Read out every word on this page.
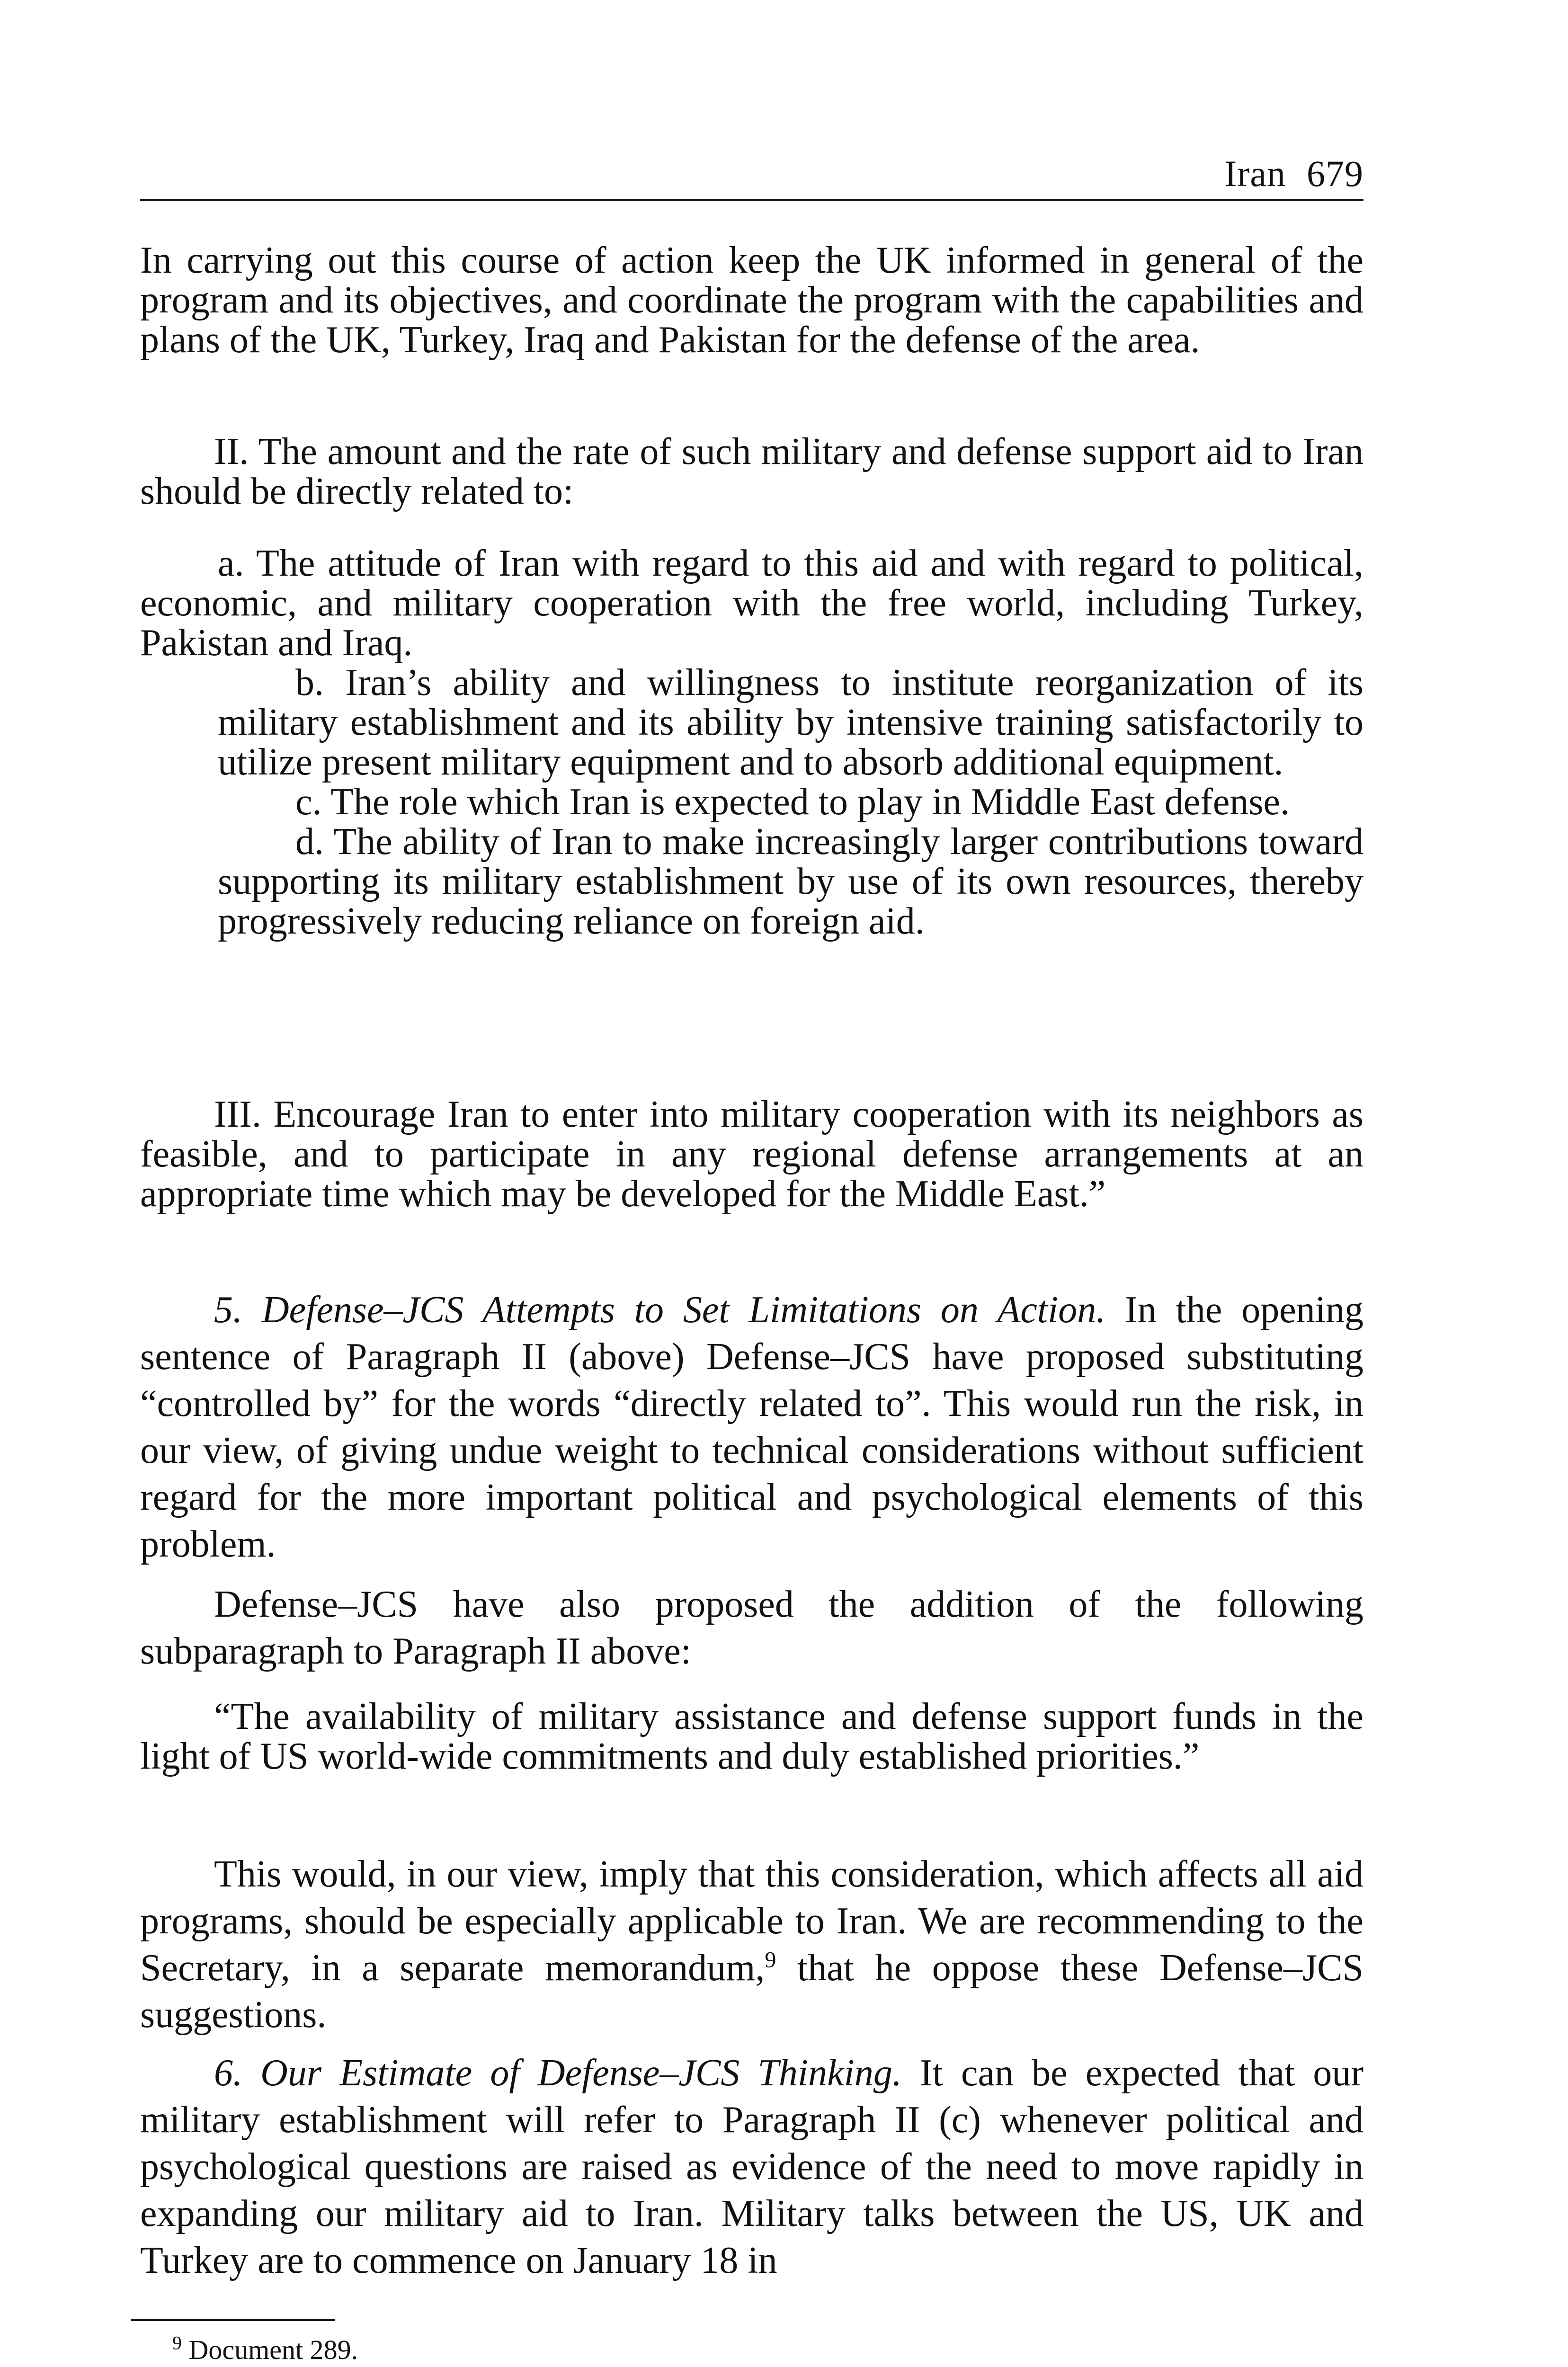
Iran 679

In carrying out this course of action keep the UK informed in general of the program and its objectives, and coordinate the program with the capabilities and plans of the UK, Turkey, Iraq and Pakistan for the defense of the area.

II. The amount and the rate of such military and defense support aid to Iran should be directly related to:

a. The attitude of Iran with regard to this aid and with regard to political, economic, and military cooperation with the free world, including Turkey, Pakistan and Iraq.

b. Iran’s ability and willingness to institute reorganization of its military establishment and its ability by intensive training satisfactorily to utilize present military equipment and to absorb additional equipment.

c. The role which Iran is expected to play in Middle East defense.

d. The ability of Iran to make increasingly larger contributions toward supporting its military establishment by use of its own resources, thereby progressively reducing reliance on foreign aid.

III. Encourage Iran to enter into military cooperation with its neighbors as feasible, and to participate in any regional defense arrangements at an appropriate time which may be developed for the Middle East.”

5. Defense–JCS Attempts to Set Limitations on Action. In the opening sentence of Paragraph II (above) Defense–JCS have proposed substituting “controlled by” for the words “directly related to”. This would run the risk, in our view, of giving undue weight to technical considerations without sufficient regard for the more important political and psychological elements of this problem.

Defense–JCS have also proposed the addition of the following subparagraph to Paragraph II above:

“The availability of military assistance and defense support funds in the light of US world-wide commitments and duly established priorities.”

This would, in our view, imply that this consideration, which affects all aid programs, should be especially applicable to Iran. We are recommending to the Secretary, in a separate memorandum,$^9$ that he oppose these Defense–JCS suggestions.

6. Our Estimate of Defense–JCS Thinking. It can be expected that our military establishment will refer to Paragraph II (c) whenever political and psychological questions are raised as evidence of the need to move rapidly in expanding our military aid to Iran. Military talks between the US, UK and Turkey are to commence on January 18 in

$^9$ Document 289.
